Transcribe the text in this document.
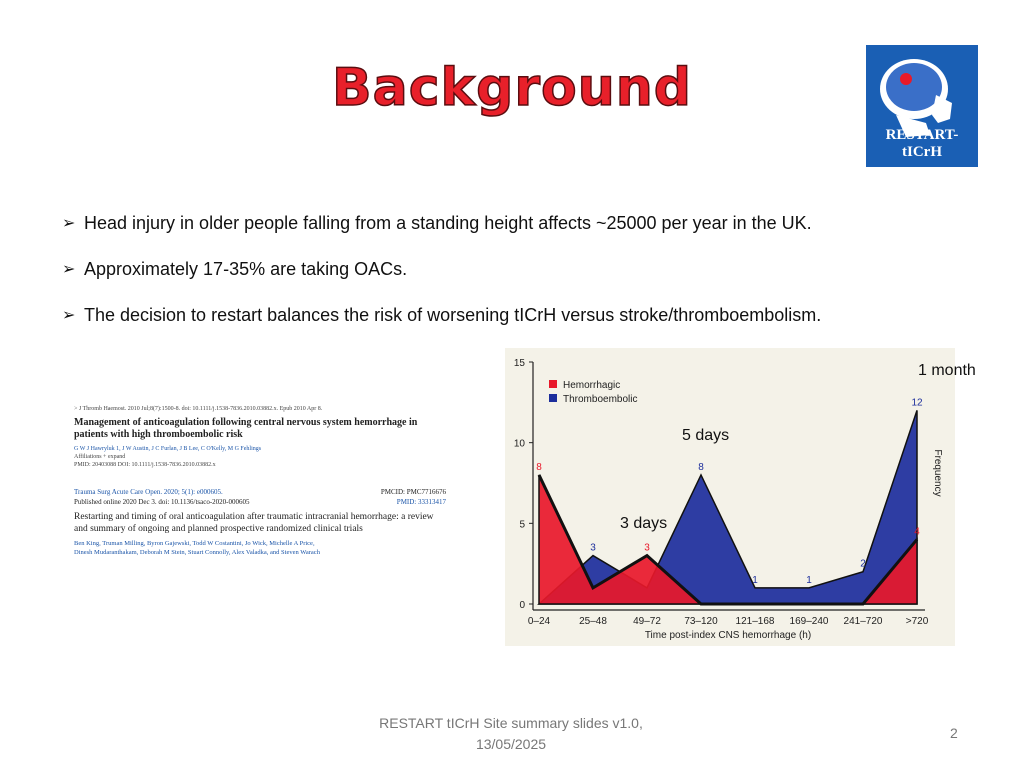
Background
RESTART-tICrH
➢ Head injury in older people falling from a standing height affects ~25000 per year in the UK.
➢ Approximately 17-35% are taking OACs.
➢ The decision to restart balances the risk of worsening tICrH versus stroke/thromboembolism.
> J Thromb Haemost. 2010 Jul;8(7):1500-8. doi: 10.1111/j.1538-7836.2010.03882.x. Epub 2010 Apr 8.
Management of anticoagulation following central nervous system hemorrhage in patients with high thromboembolic risk
G W J Hawryluk 1, J W Austin, J C Furlan, J B Lee, C O'Kelly, M G Fehlings
Affiliations + expand
PMID: 20403088 DOI: 10.1111/j.1538-7836.2010.03882.x
Trauma Surg Acute Care Open. 2020; 5(1): e000605.	PMCID: PMC7716676
Published online 2020 Dec 3. doi: 10.1136/tsaco-2020-000605	PMID: 33313417
Restarting and timing of oral anticoagulation after traumatic intracranial hemorrhage: a review and summary of ongoing and planned prospective randomized clinical trials
Ben King, Truman Milling, Byron Gajewski, Todd W Costantini, Jo Wick, Michelle A Price,
Dinesh Mudaranthakam, Deborah M Stein, Stuart Connolly, Alex Valadka, and Steven Warach
0
5
10
15
8
3	3
8
1	1
2
12
4
0–24	25–48	49–72 73–120 121–168 169–240 241–720 >720
Time post-index CNS hemorrhage (h)
Frequency
Hemorrhagic
Thromboembolic
1 month
5 days
3 days
RESTART tICrH Site summary slides v1.0, 13/05/2025
2
